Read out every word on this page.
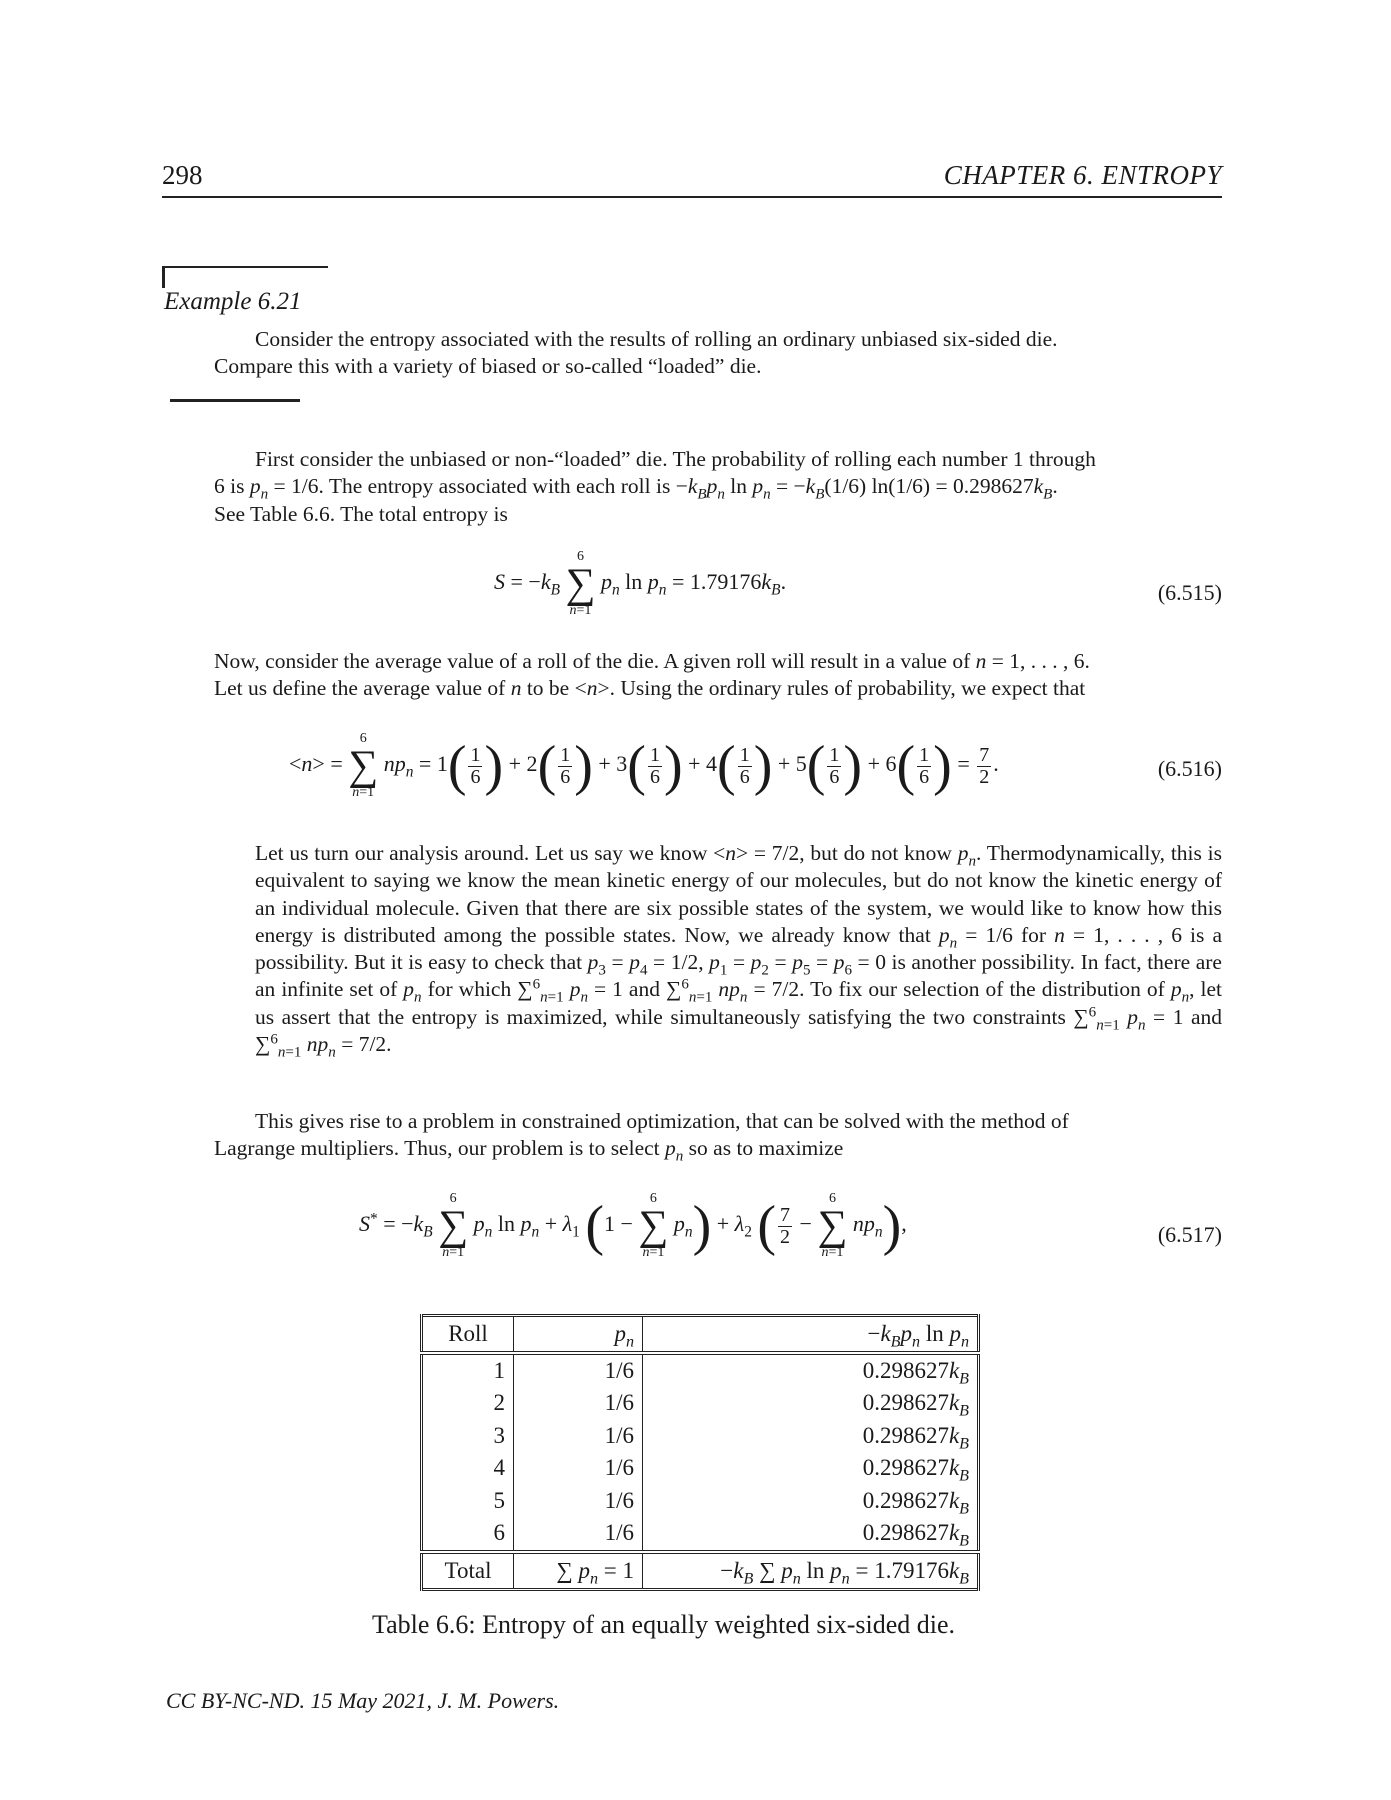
298	CHAPTER 6. ENTROPY
Example 6.21
Consider the entropy associated with the results of rolling an ordinary unbiased six-sided die.
Compare this with a variety of biased or so-called “loaded” die.
First consider the unbiased or non-“loaded” die. The probability of rolling each number 1 through
6 is $p_n = 1/6$. The entropy associated with each roll is $-k_Bp_n$ $\ln p_n = -k_B(1/6) \ln(1/6) = 0.298627k_B$.
See Table 6.6. The total entropy is
$S = -k_B$
6
∑
n=1
$p_n$ $\ln p_n = 1.79176k_B$.	(6.515)
Now, consider the average value of a roll of the die. A given roll will result in a value of n = 1, . . . , 6.
Let us define the average value of n to be <n>. Using the ordinary rules of probability, we expect that
<n> =
6
∑
n=1
$np_n = 1( \frac{1}{6}$ ) + $2( \frac{1}{6}$ ) + $3( \frac{1}{6}$ ) + $4( \frac{1}{6}$ ) + $5( \frac{1}{6}$ ) + $6( \frac{1}{6}$ ) = $\frac{7}{2}$ .	(6.516)
Let us turn our analysis around. Let us say we know <n> = 7/2, but do not know $p_n$. Thermodynamically, this is equivalent to saying we know the mean kinetic energy of our molecules, but do not know the kinetic energy of an individual molecule. Given that there are six possible states of the system, we would like to know how this energy is distributed among the possible states. Now, we already know that $p_n = 1/6$ for n = 1, . . . , 6 is a possibility. But it is easy to check that $p_3 = p_4 = 1/2$, $p_1 = p_2 = p_5 = p_6 = 0$ is another possibility. In fact, there are an infinite set of $p_n$ for which ∑$^6_{n=1}$ $p_n = 1$ and ∑$^6_{n=1}$ $np_n = 7/2$. To fix our selection of the distribution of $p_n$, let us assert that the entropy is maximized, while simultaneously satisfying the two constraints ∑$^6_{n=1}$ $p_n = 1$ and ∑$^6_{n=1}$ $np_n = 7/2$.
This gives rise to a problem in constrained optimization, that can be solved with the method of
Lagrange multipliers. Thus, our problem is to select $p_n$ so as to maximize
$S^* = -k_B$
6
∑
n=1
$p_n$ $\ln p_n + \lambda_1$ (1 −
6
∑
n=1
$p_n) + \lambda_2$ ( $\frac{7}{2}$ −
6
∑
n=1
$np_n$),	(6.517)
Roll	$p_n$	$-k_Bp_n$ $\ln p_n$
1	1/6	$0.298627k_B$
2	1/6	$0.298627k_B$
3	1/6	$0.298627k_B$
4	1/6	$0.298627k_B$
5	1/6	$0.298627k_B$
6	1/6	$0.298627k_B$
Total	∑ $p_n = 1$	$-k_B$ ∑ $p_n$ $\ln p_n = 1.79176k_B$
Table 6.6: Entropy of an equally weighted six-sided die.
CC BY-NC-ND. 15 May 2021, J. M. Powers.
